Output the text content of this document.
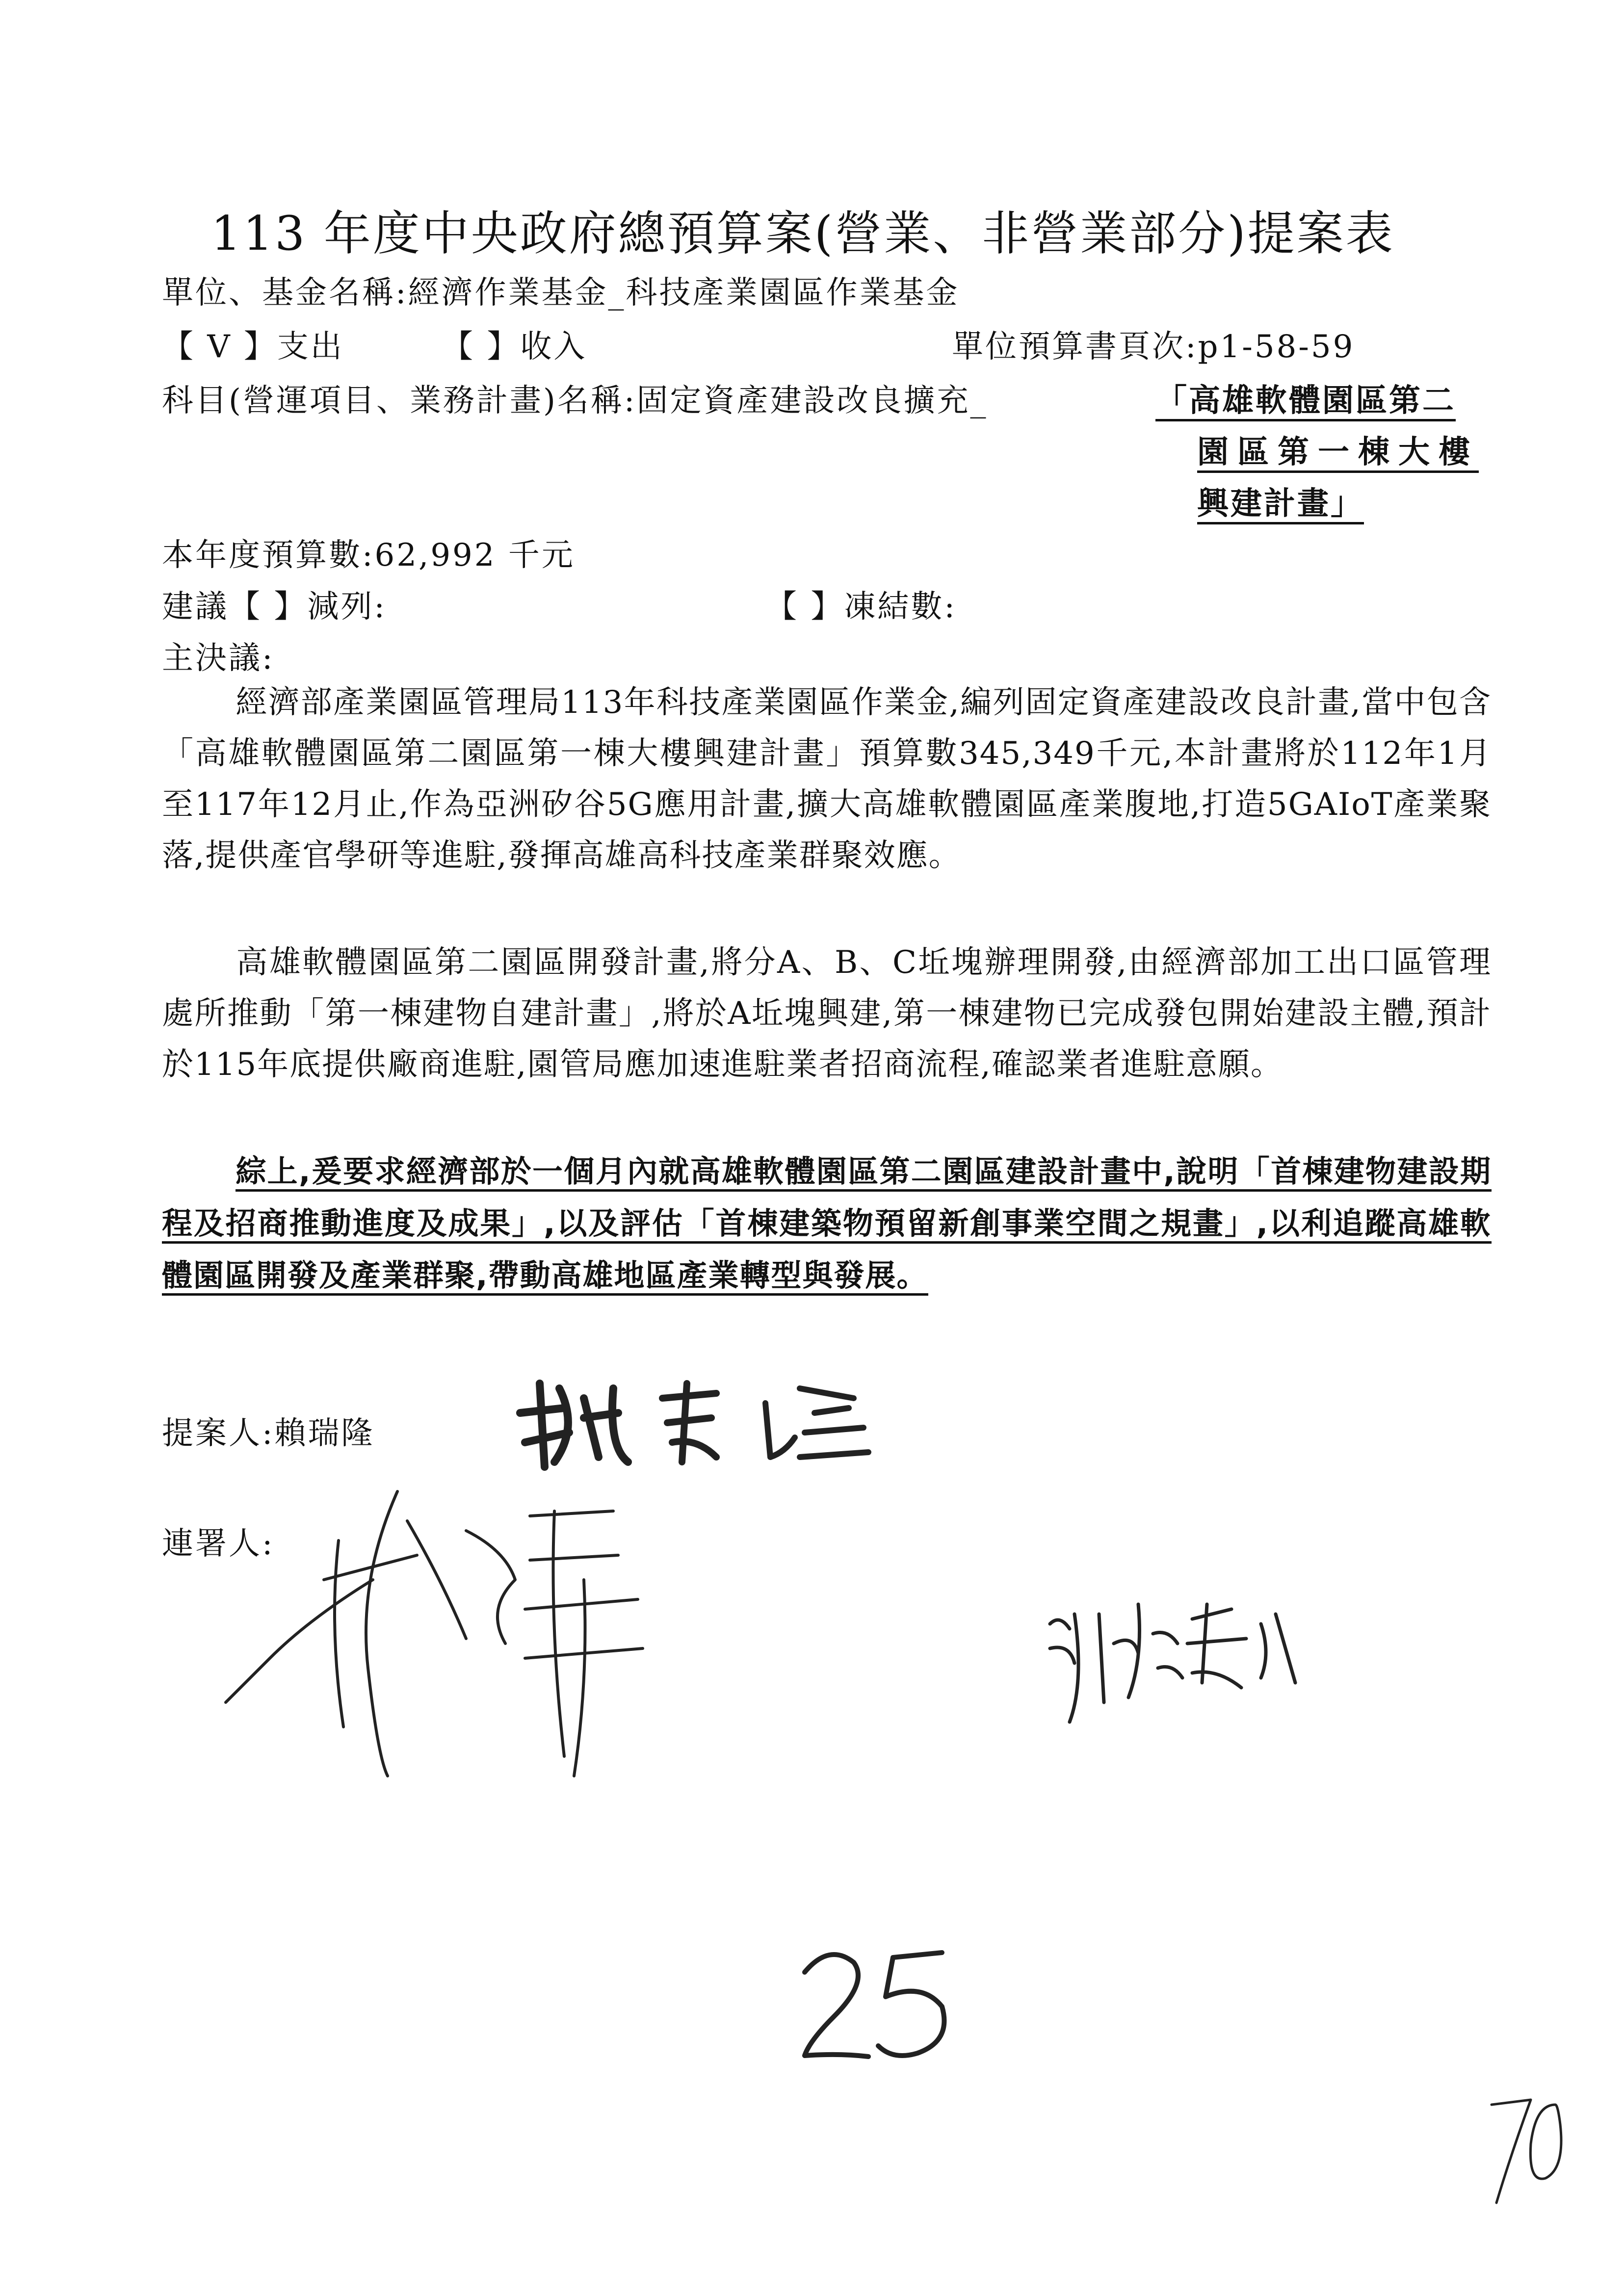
113 年度中央政府總預算案(營業、非營業部分)提案表
單位、基金名稱:經濟作業基金_科技產業園區作業基金
【 V 】支出	【 】收入	單位預算書頁次:p1-58-59
科目(營運項目、業務計畫)名稱:固定資產建設改良擴充_	「高雄軟體園區第二
園區第一棟大樓
興建計畫」
本年度預算數:62,992 千元
建議【 】減列:	【 】凍結數:
主決議:
經濟部產業園區管理局113年科技產業園區作業金,編列固定資產建設改良計畫,當中包含「高雄軟體園區第二園區第一棟大樓興建計畫」預算數345,349千元,本計畫將於112年1月至117年12月止,作為亞洲矽谷5G應用計畫,擴大高雄軟體園區產業腹地,打造5GAIoT產業聚落,提供產官學研等進駐,發揮高雄高科技產業群聚效應。
高雄軟體園區第二園區開發計畫,將分A、B、C坵塊辦理開發,由經濟部加工出口區管理處所推動「第一棟建物自建計畫」,將於A坵塊興建,第一棟建物已完成發包開始建設主體,預計於115年底提供廠商進駐,園管局應加速進駐業者招商流程,確認業者進駐意願。
綜上,爰要求經濟部於一個月內就高雄軟體園區第二園區建設計畫中,說明「首棟建物建設期程及招商推動進度及成果」,以及評估「首棟建築物預留新創事業空間之規畫」,以利追蹤高雄軟體園區開發及產業群聚,帶動高雄地區產業轉型與發展。
提案人:賴瑞隆
連署人:
